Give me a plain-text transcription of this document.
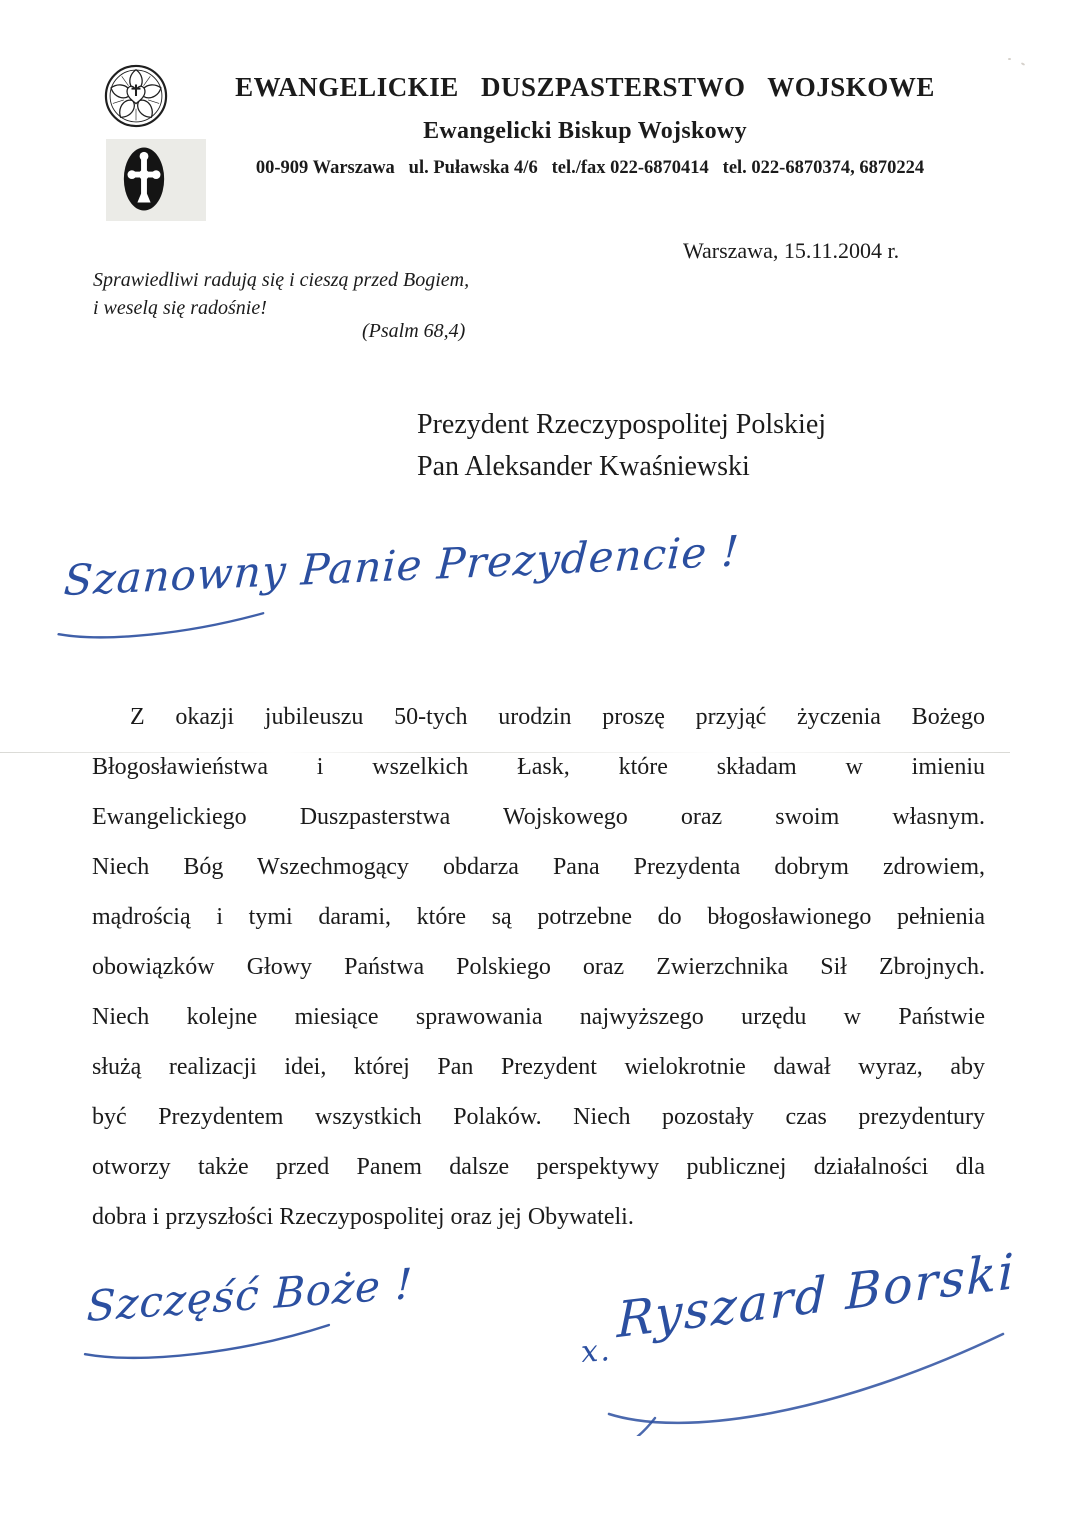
EWANGELICKIE DUSZPASTERSTWO WOJSKOWE
Ewangelicki Biskup Wojskowy
00-909 Warszawa   ul. Puławska 4/6   tel./fax 022-6870414   tel. 022-6870374, 6870224
Warszawa, 15.11.2004 r.
Sprawiedliwi radują się i cieszą przed Bogiem,
i weselą się radośnie!
(Psalm 68,4)
Prezydent Rzeczypospolitej Polskiej
Pan Aleksander Kwaśniewski
Szanowny Panie Prezydencie !
Z okazji jubileuszu 50-tych urodzin proszę przyjąć życzenia Bożego
Błogosławieństwa i wszelkich Łask, które składam w imieniu
Ewangelickiego Duszpasterstwa Wojskowego oraz swoim własnym.
Niech Bóg Wszechmogący obdarza Pana Prezydenta dobrym zdrowiem,
mądrością i tymi darami, które są potrzebne do błogosławionego pełnienia
obowiązków Głowy Państwa Polskiego oraz Zwierzchnika Sił Zbrojnych.
Niech kolejne miesiące sprawowania najwyższego urzędu w Państwie
służą realizacji idei, której Pan Prezydent wielokrotnie dawał wyraz, aby
być Prezydentem wszystkich Polaków. Niech pozostały czas prezydentury
otworzy także przed Panem dalsze perspektywy publicznej działalności dla
dobra i przyszłości Rzeczypospolitej oraz jej Obywateli.
Szczęść Boże !
x.
Ryszard Borski
